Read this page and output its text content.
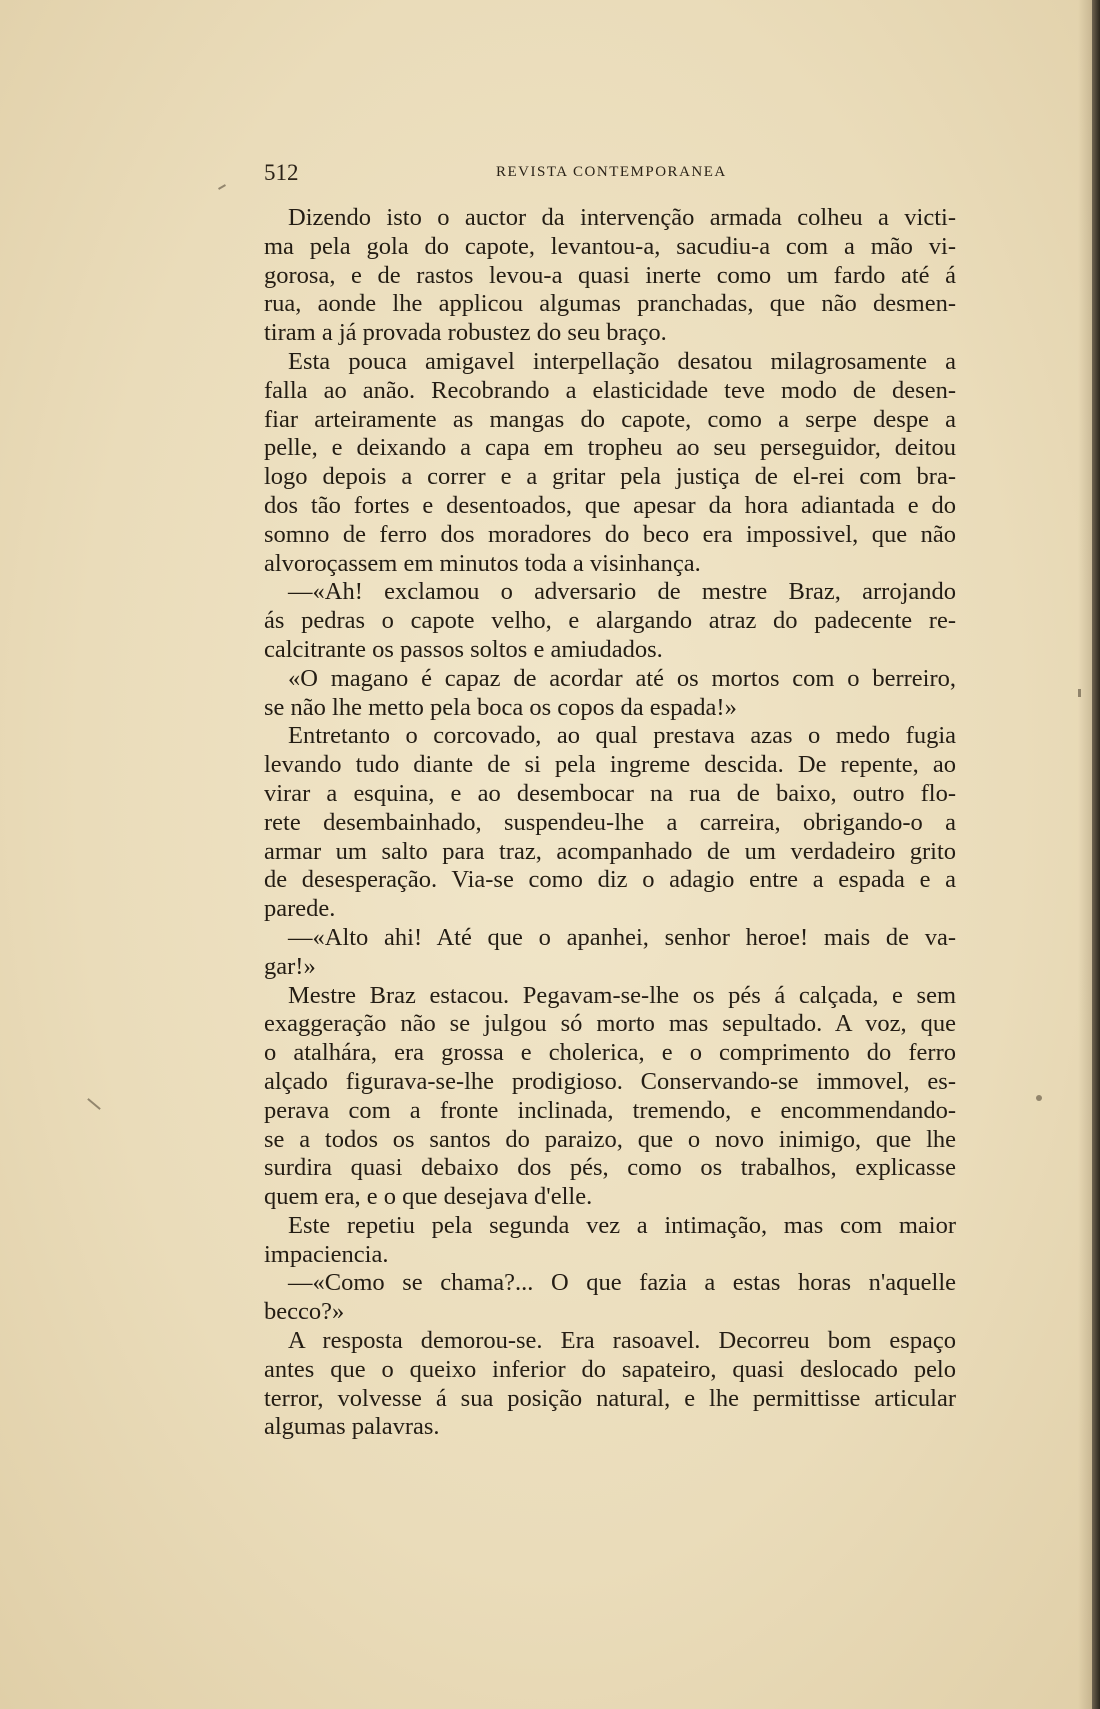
512	REVISTA CONTEMPORANEA
Dizendo isto o auctor da intervenção armada colheu a victi-
ma pela gola do capote, levantou-a, sacudiu-a com a mão vi-
gorosa, e de rastos levou-a quasi inerte como um fardo até á
rua, aonde lhe applicou algumas pranchadas, que não desmen-
tiram a já provada robustez do seu braço.
Esta pouca amigavel interpellação desatou milagrosamente a
falla ao anão. Recobrando a elasticidade teve modo de desen-
fiar arteiramente as mangas do capote, como a serpe despe a
pelle, e deixando a capa em tropheu ao seu perseguidor, deitou
logo depois a correr e a gritar pela justiça de el-rei com bra-
dos tão fortes e desentoados, que apesar da hora adiantada e do
somno de ferro dos moradores do beco era impossivel, que não
alvoroçassem em minutos toda a visinhança.
—«Ah! exclamou o adversario de mestre Braz, arrojando
ás pedras o capote velho, e alargando atraz do padecente re-
calcitrante os passos soltos e amiudados.
«O magano é capaz de acordar até os mortos com o berreiro,
se não lhe metto pela boca os copos da espada!»
Entretanto o corcovado, ao qual prestava azas o medo fugia
levando tudo diante de si pela ingreme descida. De repente, ao
virar a esquina, e ao desembocar na rua de baixo, outro flo-
rete desembainhado, suspendeu-lhe a carreira, obrigando-o a
armar um salto para traz, acompanhado de um verdadeiro grito
de desesperação. Via-se como diz o adagio entre a espada e a
parede.
—«Alto ahi! Até que o apanhei, senhor heroe! mais de va-
gar!»
Mestre Braz estacou. Pegavam-se-lhe os pés á calçada, e sem
exaggeração não se julgou só morto mas sepultado. A voz, que
o atalhára, era grossa e cholerica, e o comprimento do ferro
alçado figurava-se-lhe prodigioso. Conservando-se immovel, es-
perava com a fronte inclinada, tremendo, e encommendando-
se a todos os santos do paraizo, que o novo inimigo, que lhe
surdira quasi debaixo dos pés, como os trabalhos, explicasse
quem era, e o que desejava d'elle.
Este repetiu pela segunda vez a intimação, mas com maior
impaciencia.
—«Como se chama?... O que fazia a estas horas n'aquelle
becco?»
A resposta demorou-se. Era rasoavel. Decorreu bom espaço
antes que o queixo inferior do sapateiro, quasi deslocado pelo
terror, volvesse á sua posição natural, e lhe permittisse articular
algumas palavras.
